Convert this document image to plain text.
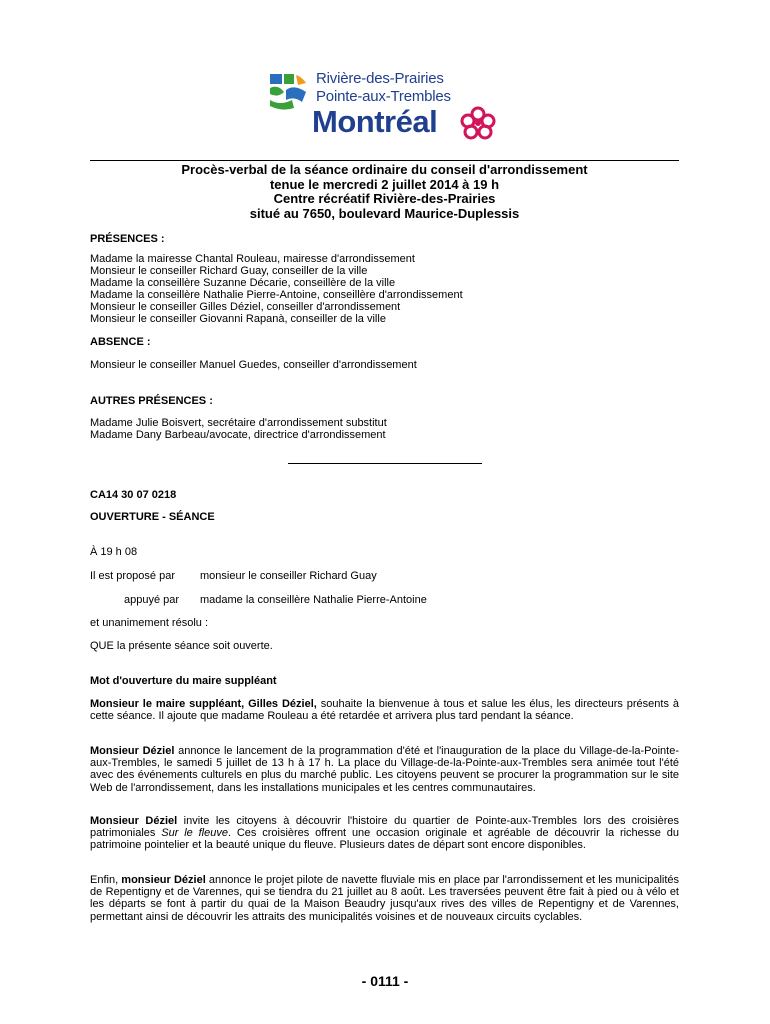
Rivière-des-Prairies
Pointe-aux-Trembles
Montréal
Procès-verbal de la séance ordinaire du conseil d'arrondissement
tenue le mercredi 2 juillet 2014 à 19 h
Centre récréatif Rivière-des-Prairies
situé au 7650, boulevard Maurice-Duplessis
PRÉSENCES :
Madame la mairesse Chantal Rouleau, mairesse d'arrondissement
Monsieur le conseiller Richard Guay, conseiller de la ville
Madame la conseillère Suzanne Décarie, conseillère de la ville
Madame la conseillère Nathalie Pierre-Antoine, conseillère d'arrondissement
Monsieur le conseiller Gilles Déziel, conseiller d'arrondissement
Monsieur le conseiller Giovanni Rapanà, conseiller de la ville
ABSENCE :
Monsieur le conseiller Manuel Guedes, conseiller d'arrondissement
AUTRES PRÉSENCES :
Madame Julie Boisvert, secrétaire d'arrondissement substitut
Madame Dany Barbeau/avocate, directrice d'arrondissement
CA14 30 07 0218
OUVERTURE - SÉANCE
À 19 h 08
Il est proposé par monsieur le conseiller Richard Guay
appuyé par madame la conseillère Nathalie Pierre-Antoine
et unanimement résolu :
QUE la présente séance soit ouverte.
Mot d'ouverture du maire suppléant
Monsieur le maire suppléant, Gilles Déziel, souhaite la bienvenue à tous et salue les élus, les directeurs présents à cette séance. Il ajoute que madame Rouleau a été retardée et arrivera plus tard pendant la séance.
Monsieur Déziel annonce le lancement de la programmation d'été et l'inauguration de la place du Village-de-la-Pointe-aux-Trembles, le samedi 5 juillet de 13 h à 17 h. La place du Village-de-la-Pointe-aux-Trembles sera animée tout l'été avec des événements culturels en plus du marché public. Les citoyens peuvent se procurer la programmation sur le site Web de l'arrondissement, dans les installations municipales et les centres communautaires.
Monsieur Déziel invite les citoyens à découvrir l'histoire du quartier de Pointe-aux-Trembles lors des croisières patrimoniales Sur le fleuve. Ces croisières offrent une occasion originale et agréable de découvrir la richesse du patrimoine pointelier et la beauté unique du fleuve. Plusieurs dates de départ sont encore disponibles.
Enfin, monsieur Déziel annonce le projet pilote de navette fluviale mis en place par l'arrondissement et les municipalités de Repentigny et de Varennes, qui se tiendra du 21 juillet au 8 août. Les traversées peuvent être fait à pied ou à vélo et les départs se font à partir du quai de la Maison Beaudry jusqu'aux rives des villes de Repentigny et de Varennes, permettant ainsi de découvrir les attraits des municipalités voisines et de nouveaux circuits cyclables.
- 0111 -
